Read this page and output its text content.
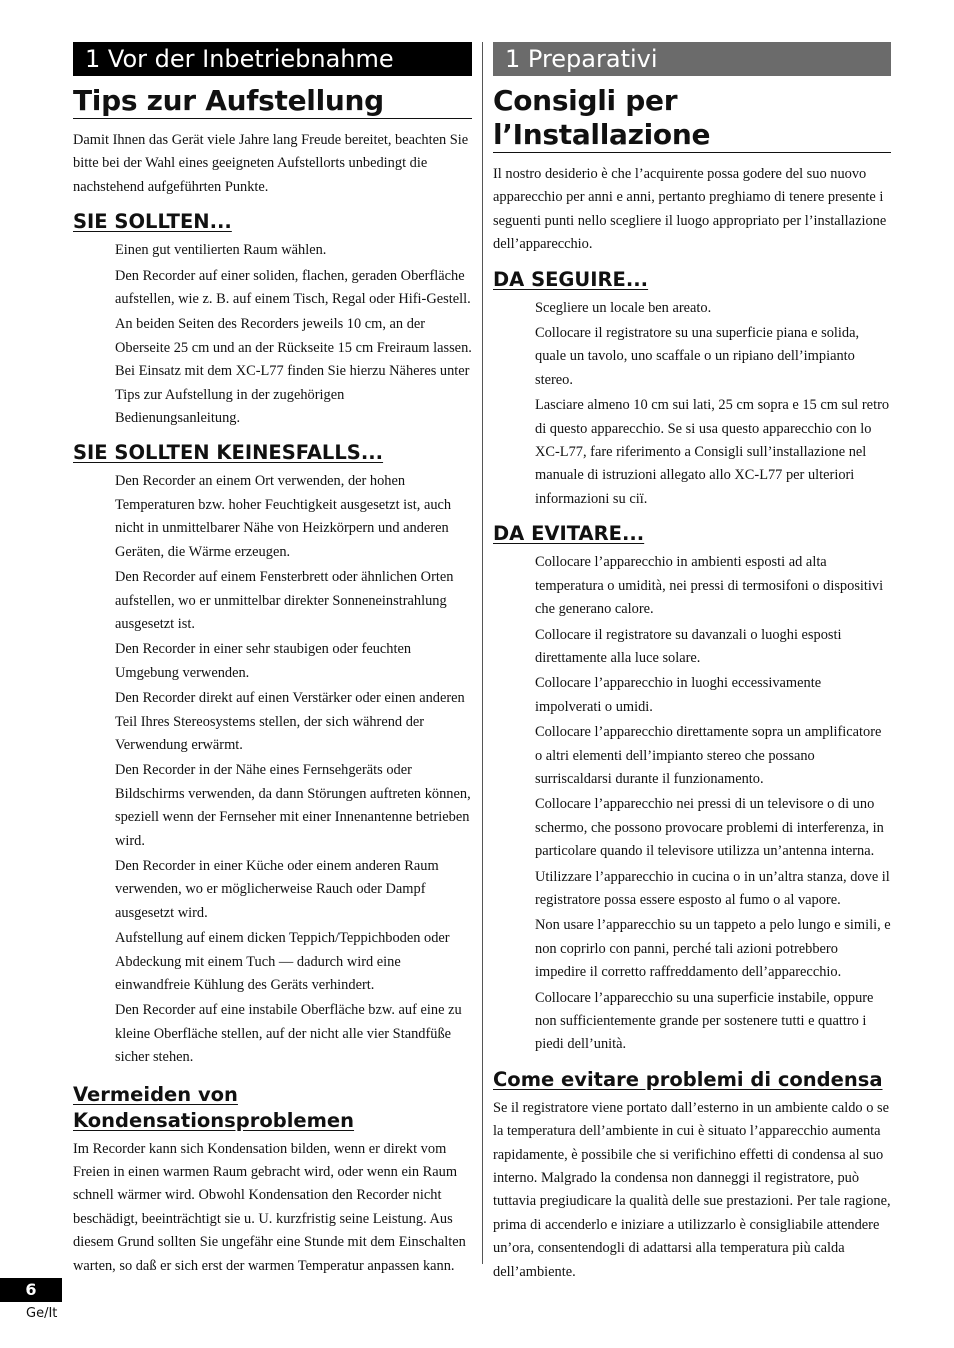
1 Vor der Inbetriebnahme
Tips zur Aufstellung

Damit Ihnen das Gerät viele Jahre lang Freude bereitet, beachten Sie bitte bei der Wahl eines geeigneten Aufstellorts unbedingt die nachstehend aufgeführten Punkte.

SIE SOLLTEN...
Einen gut ventilierten Raum wählen.
Den Recorder auf einer soliden, flachen, geraden Oberfläche aufstellen, wie z. B. auf einem Tisch, Regal oder Hifi-Gestell.
An beiden Seiten des Recorders jeweils 10 cm, an der Oberseite 25 cm und an der Rückseite 15 cm Freiraum lassen. Bei Einsatz mit dem XC-L77 finden Sie hierzu Näheres unter Tips zur Aufstellung in der zugehörigen Bedienungsanleitung.
SIE SOLLTEN KEINESFALLS...
Den Recorder an einem Ort verwenden, der hohen Temperaturen bzw. hoher Feuchtigkeit ausgesetzt ist, auch nicht in unmittelbarer Nähe von Heizkörpern und anderen Geräten, die Wärme erzeugen.
Den Recorder auf einem Fensterbrett oder ähnlichen Orten aufstellen, wo er unmittelbar direkter Sonneneinstrahlung ausgesetzt ist.
Den Recorder in einer sehr staubigen oder feuchten Umgebung verwenden.
Den Recorder direkt auf einen Verstärker oder einen anderen Teil Ihres Stereosystems stellen, der sich während der Verwendung erwärmt.
Den Recorder in der Nähe eines Fernsehgeräts oder Bildschirms verwenden, da dann Störungen auftreten können, speziell wenn der Fernseher mit einer Innenantenne betrieben wird.
Den Recorder in einer Küche oder einem anderen Raum verwenden, wo er möglicherweise Rauch oder Dampf ausgesetzt wird.
Aufstellung auf einem dicken Teppich/Teppichboden oder Abdeckung mit einem Tuch — dadurch wird eine einwandfreie Kühlung des Geräts verhindert.
Den Recorder auf eine instabile Oberfläche bzw. auf eine zu kleine Oberfläche stellen, auf der nicht alle vier Standfüße sicher stehen.
Vermeiden von Kondensationsproblemen

Im Recorder kann sich Kondensation bilden, wenn er direkt vom Freien in einen warmen Raum gebracht wird, oder wenn ein Raum schnell wärmer wird. Obwohl Kondensation den Recorder nicht beschädigt, beeinträchtigt sie u. U. kurzfristig seine Leistung. Aus diesem Grund sollten Sie ungefähr eine Stunde mit dem Einschalten warten, so daß er sich erst der warmen Temperatur anpassen kann.

1 Preparativi
Consigli per l’Installazione

Il nostro desiderio è che l’acquirente possa godere del suo nuovo apparecchio per anni e anni, pertanto preghiamo di tenere presente i seguenti punti nello scegliere il luogo appropriato per l’installazione dell’apparecchio.

DA SEGUIRE...
Scegliere un locale ben areato.
Collocare il registratore su una superficie piana e solida, quale un tavolo, uno scaffale o un ripiano dell’impianto stereo.
Lasciare almeno 10 cm sui lati, 25 cm sopra e 15 cm sul retro di questo apparecchio. Se si usa questo apparecchio con lo XC-L77, fare riferimento a Consigli sull’installazione nel manuale di istruzioni allegato allo XC-L77 per ulteriori informazioni su ciï.
DA EVITARE...
Collocare l’apparecchio in ambienti esposti ad alta temperatura o umidità, nei pressi di termosifoni o dispositivi che generano calore.
Collocare il registratore su davanzali o luoghi esposti direttamente alla luce solare.
Collocare l’apparecchio in luoghi eccessivamente impolverati o umidi.
Collocare l’apparecchio direttamente sopra un amplificatore o altri elementi dell’impianto stereo che possano surriscaldarsi durante il funzionamento.
Collocare l’apparecchio nei pressi di un televisore o di uno schermo, che possono provocare problemi di interferenza, in particolare quando il televisore utilizza un’antenna interna.
Utilizzare l’apparecchio in cucina o in un’altra stanza, dove il registratore possa essere esposto al fumo o al vapore.
Non usare l’apparecchio su un tappeto a pelo lungo e simili, e non coprirlo con panni, perché tali azioni potrebbero impedire il corretto raffreddamento dell’apparecchio.
Collocare l’apparecchio su una superficie instabile, oppure non sufficientemente grande per sostenere tutti e quattro i piedi dell’unità.
Come evitare problemi di condensa

Se il registratore viene portato dall’esterno in un ambiente caldo o se la temperatura dell’ambiente in cui è situato l’apparecchio aumenta rapidamente, è possibile che si verifichino effetti di condensa al suo interno. Malgrado la condensa non danneggi il registratore, può tuttavia pregiudicare la qualità delle sue prestazioni. Per tale ragione, prima di accenderlo e iniziare a utilizzarlo è consigliabile attendere un’ora, consentendogli di adattarsi alla temperatura più calda dell’ambiente.

6
Ge/It
